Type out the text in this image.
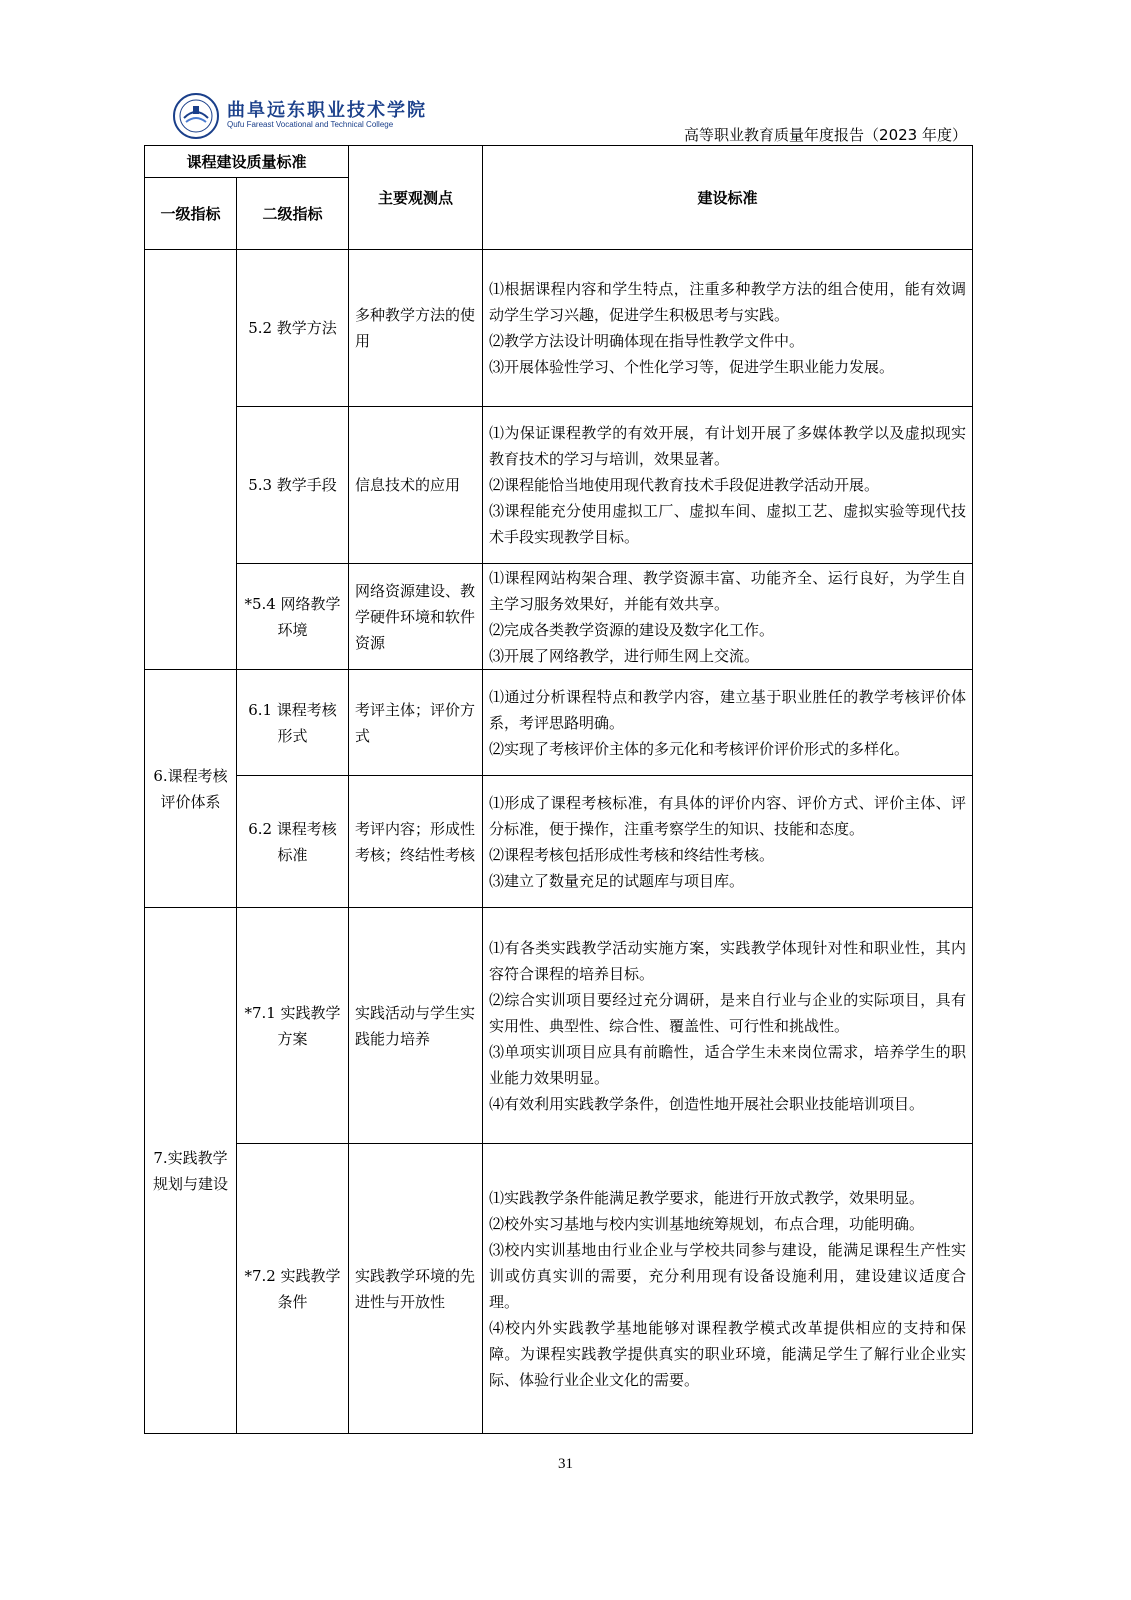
曲阜远东职业技术学院
Qufu Fareast Vocational and Technical College
高等职业教育质量年度报告（2023 年度）
课程建设质量标准		主要观测点	建设标准
一级指标	二级指标		
	5.2 教学方法	多种教学方法的使用	⑴根据课程内容和学生特点，注重多种教学方法的组合使用，能有效调动学生学习兴趣，促进学生积极思考与实践。
⑵教学方法设计明确体现在指导性教学文件中。
⑶开展体验性学习、个性化学习等，促进学生职业能力发展。

	5.3 教学手段	信息技术的应用	⑴为保证课程教学的有效开展，有计划开展了多媒体教学以及虚拟现实教育技术的学习与培训，效果显著。
⑵课程能恰当地使用现代教育技术手段促进教学活动开展。
⑶课程能充分使用虚拟工厂、虚拟车间、虚拟工艺、虚拟实验等现代技术手段实现教学目标。

	*5.4 网络教学环境	网络资源建设、教学硬件环境和软件资源	⑴课程网站构架合理、教学资源丰富、功能齐全、运行良好，为学生自主学习服务效果好，并能有效共享。
⑵完成各类教学资源的建设及数字化工作。
⑶开展了网络教学，进行师生网上交流。

6.课程考核评价体系	6.1 课程考核形式	考评主体；评价方式	⑴通过分析课程特点和教学内容，建立基于职业胜任的教学考核评价体系，考评思路明确。
⑵实现了考核评价主体的多元化和考核评价评价形式的多样化。

	6.2 课程考核标准	考评内容；形成性考核；终结性考核	⑴形成了课程考核标准，有具体的评价内容、评价方式、评价主体、评分标准，便于操作，注重考察学生的知识、技能和态度。
⑵课程考核包括形成性考核和终结性考核。
⑶建立了数量充足的试题库与项目库。

7.实践教学规划与建设	*7.1 实践教学方案	实践活动与学生实践能力培养	⑴有各类实践教学活动实施方案，实践教学体现针对性和职业性，其内容符合课程的培养目标。
⑵综合实训项目要经过充分调研，是来自行业与企业的实际项目，具有实用性、典型性、综合性、覆盖性、可行性和挑战性。
⑶单项实训项目应具有前瞻性，适合学生未来岗位需求，培养学生的职业能力效果明显。
⑷有效利用实践教学条件，创造性地开展社会职业技能培训项目。

	*7.2 实践教学条件	实践教学环境的先进性与开放性	⑴实践教学条件能满足教学要求，能进行开放式教学，效果明显。
⑵校外实习基地与校内实训基地统筹规划，布点合理，功能明确。
⑶校内实训基地由行业企业与学校共同参与建设，能满足课程生产性实训或仿真实训的需要，充分利用现有设备设施利用，建设建议适度合理。
⑷校内外实践教学基地能够对课程教学模式改革提供相应的支持和保障。为课程实践教学提供真实的职业环境，能满足学生了解行业企业实际、体验行业企业文化的需要。
31
